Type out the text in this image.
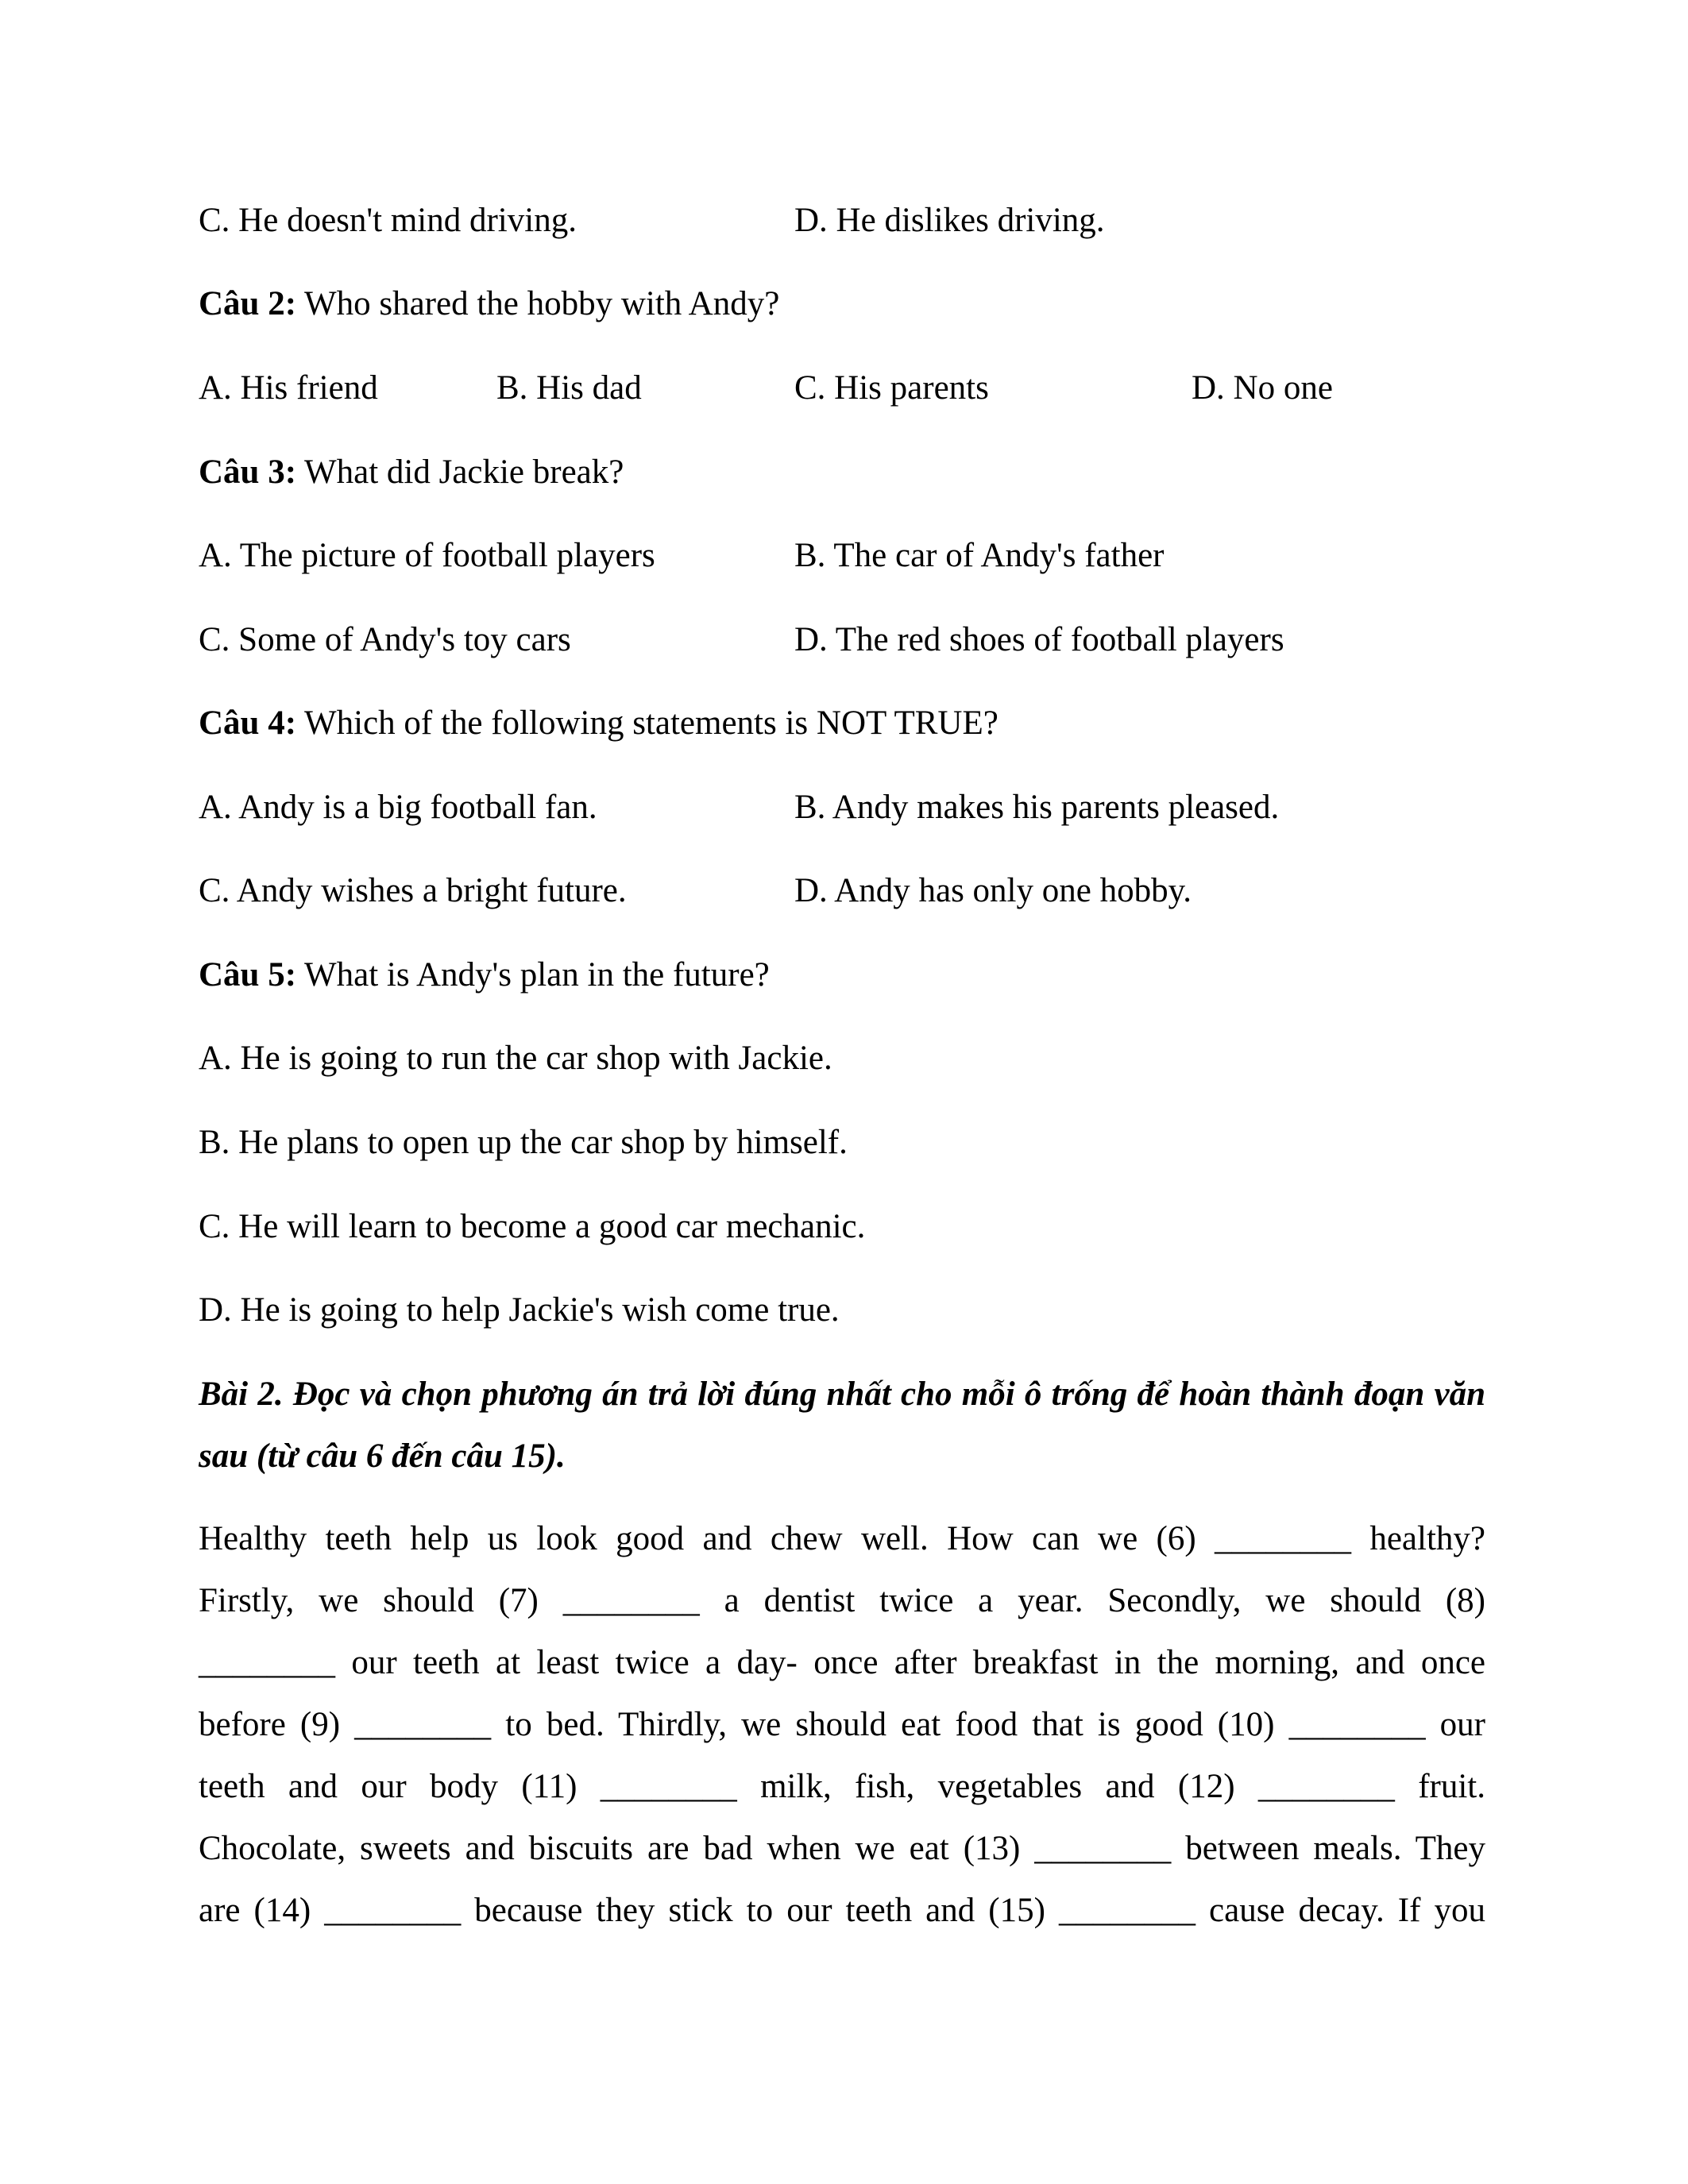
C. He doesn't mind driving.	D. He dislikes driving.
Câu 2: Who shared the hobby with Andy?
A. His friend	B. His dad	C. His parents	D. No one
Câu 3: What did Jackie break?
A. The picture of football players	B. The car of Andy's father
C. Some of Andy's toy cars	D. The red shoes of football players
Câu 4: Which of the following statements is NOT TRUE?
A. Andy is a big football fan.	B. Andy makes his parents pleased.
C. Andy wishes a bright future.	D. Andy has only one hobby.
Câu 5: What is Andy's plan in the future?
A. He is going to run the car shop with Jackie.
B. He plans to open up the car shop by himself.
C. He will learn to become a good car mechanic.
D. He is going to help Jackie's wish come true.
Bài 2. Đọc và chọn phương án trả lời đúng nhất cho mỗi ô trống để hoàn thành đoạn văn sau (từ câu 6 đến câu 15).
Healthy teeth help us look good and chew well. How can we (6) ________ healthy?
Firstly, we should (7) ________ a dentist twice a year. Secondly, we should (8)
________ our teeth at least twice a day- once after breakfast in the morning, and once
before (9) ________ to bed. Thirdly, we should eat food that is good (10) ________ our
teeth and our body (11) ________ milk, fish, vegetables and (12) ________ fruit.
Chocolate, sweets and biscuits are bad when we eat (13) ________ between meals. They
are (14) ________ because they stick to our teeth and (15) ________ cause decay. If you
